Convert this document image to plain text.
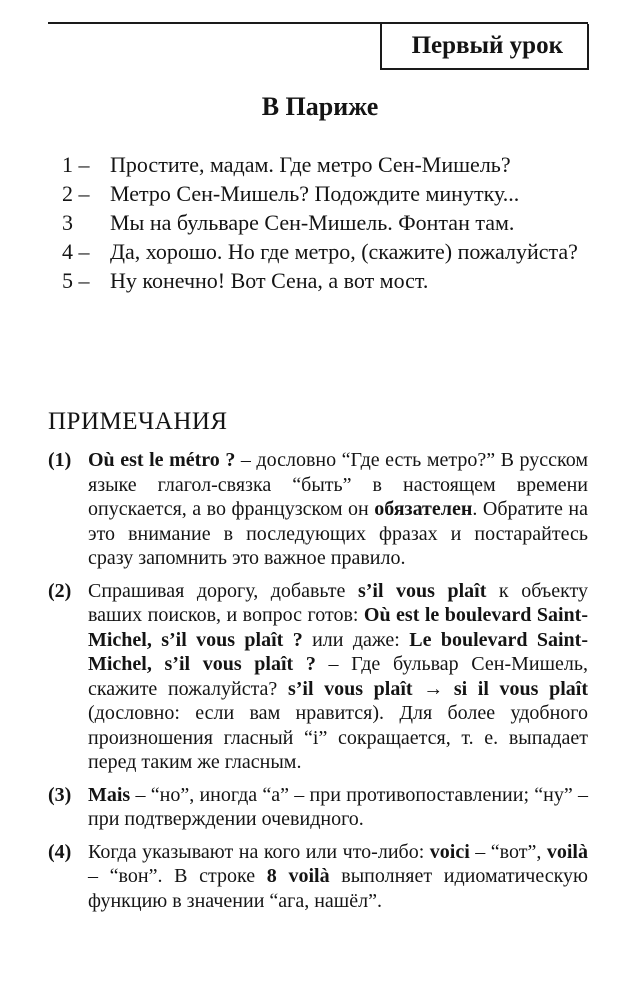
Первый урок
В Париже
1 – Простите, мадам. Где метро Сен-Мишель?
2 – Метро Сен-Мишель? Подождите минутку...
3	Мы на бульваре Сен-Мишель. Фонтан там.
4 – Да, хорошо. Но где метро, (скажите) пожалуйста?
5 – Ну конечно! Вот Сена, а вот мост.
ПРИМЕЧАНИЯ
(1) Où est le métro ? – дословно “Где есть метро?” В русском языке глагол-связка “быть” в настоящем времени опускается, а во французском он обязателен. Обратите на это внимание в последующих фразах и постарайтесь сразу запомнить это важное правило.
(2) Спрашивая дорогу, добавьте s’il vous plaît к объекту ваших поисков, и вопрос готов: Où est le boulevard Saint-Michel, s’il vous plaît ? или даже: Le boulevard Saint-Michel, s’il vous plaît ? – Где бульвар Сен-Мишель, скажите пожалуйста? s’il vous plaît → si il vous plaît (дословно: если вам нравится). Для более удобного произношения гласный “i” сокращается, т. е. выпадает перед таким же гласным.
(3) Mais – “но”, иногда “а” – при противопоставлении; “ну” – при подтверждении очевидного.
(4) Когда указывают на кого или что-либо: voici – “вот”, voilà – “вон”. В строке 8 voilà выполняет идиоматическую функцию в значении “ага, нашёл”.
